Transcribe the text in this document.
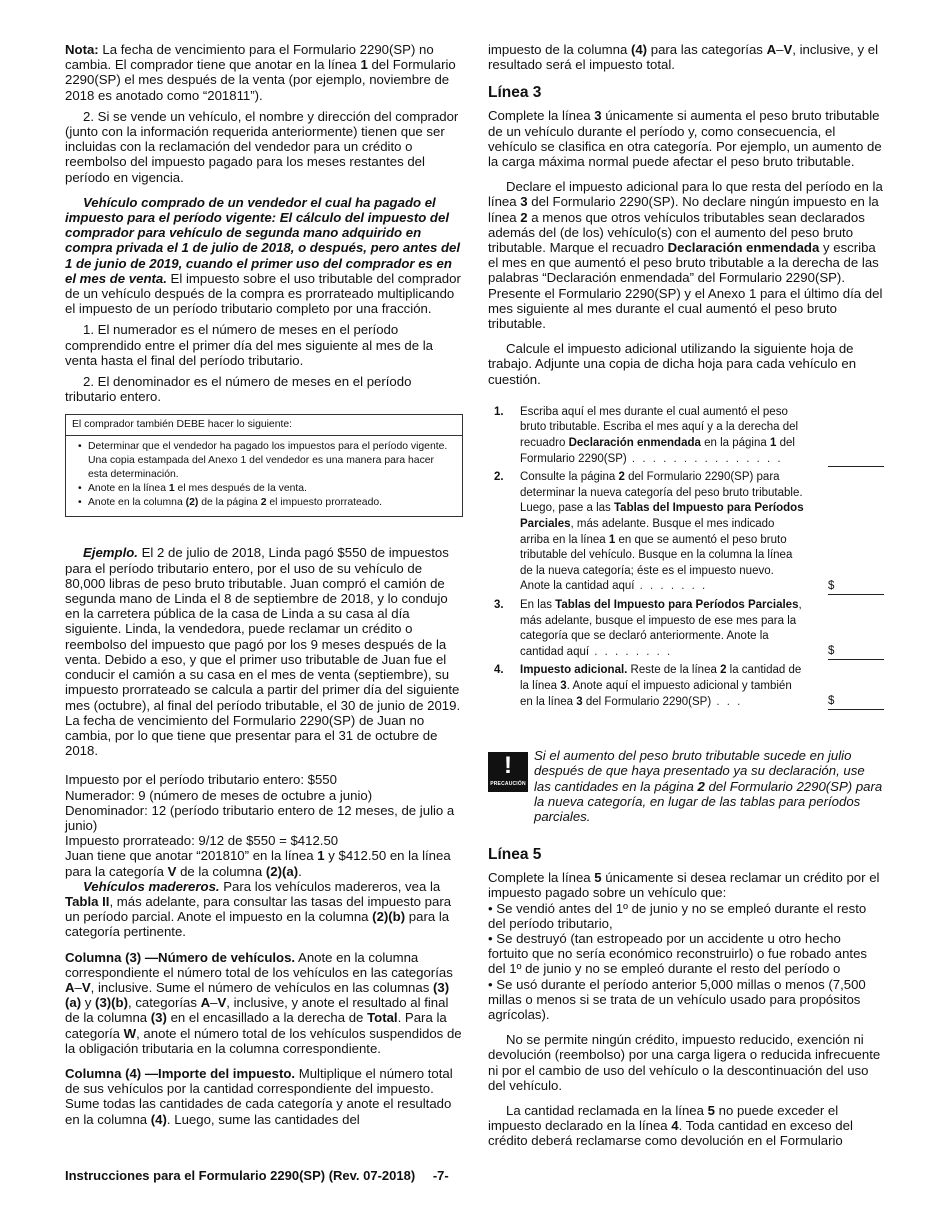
Nota: La fecha de vencimiento para el Formulario 2290(SP) no cambia. El comprador tiene que anotar en la línea 1 del Formulario 2290(SP) el mes después de la venta (por ejemplo, noviembre de 2018 es anotado como “201811”).

2. Si se vende un vehículo, el nombre y dirección del comprador (junto con la información requerida anteriormente) tienen que ser incluidas con la reclamación del vendedor para un crédito o reembolso del impuesto pagado para los meses restantes del período en vigencia.

Vehículo comprado de un vendedor el cual ha pagado el impuesto para el período vigente: El cálculo del impuesto del comprador para vehículo de segunda mano adquirido en compra privada el 1 de julio de 2018, o después, pero antes del 1 de junio de 2019, cuando el primer uso del comprador es en el mes de venta. El impuesto sobre el uso tributable del comprador de un vehículo después de la compra es prorrateado multiplicando el impuesto de un período tributario completo por una fracción.

1. El numerador es el número de meses en el período comprendido entre el primer día del mes siguiente al mes de la venta hasta el final del período tributario.

2. El denominador es el número de meses en el período tributario entero.

El comprador también DEBE hacer lo siguiente:
• Determinar que el vendedor ha pagado los impuestos para el período vigente. Una copia estampada del Anexo 1 del vendedor es una manera para hacer esta determinación.
• Anote en la línea 1 el mes después de la venta.
• Anote en la columna (2) de la página 2 el impuesto prorrateado.

Ejemplo. El 2 de julio de 2018, Linda pagó $550 de impuestos para el período tributario entero, por el uso de su vehículo de 80,000 libras de peso bruto tributable. Juan compró el camión de segunda mano de Linda el 8 de septiembre de 2018, y lo condujo en la carretera pública de la casa de Linda a su casa al día siguiente. Linda, la vendedora, puede reclamar un crédito o reembolso del impuesto que pagó por los 9 meses después de la venta. Debido a eso, y que el primer uso tributable de Juan fue el conducir el camión a su casa en el mes de venta (septiembre), su impuesto prorrateado se calcula a partir del primer día del siguiente mes (octubre), al final del período tributable, el 30 de junio de 2019. La fecha de vencimiento del Formulario 2290(SP) de Juan no cambia, por lo que tiene que presentar para el 31 de octubre de 2018.

Impuesto por el período tributario entero: $550
Numerador: 9 (número de meses de octubre a junio)
Denominador: 12 (período tributario entero de 12 meses, de julio a junio)
Impuesto prorrateado: 9/12 de $550 = $412.50
Juan tiene que anotar “201810” en la línea 1 y $412.50 en la línea para la categoría V de la columna (2)(a).

Vehículos madereros. Para los vehículos madereros, vea la Tabla II, más adelante, para consultar las tasas del impuesto para un período parcial. Anote el impuesto en la columna (2)(b) para la categoría pertinente.

Columna (3) —Número de vehículos. Anote en la columna correspondiente el número total de los vehículos en las categorías A–V, inclusive. Sume el número de vehículos en las columnas (3)(a) y (3)(b), categorías A–V, inclusive, y anote el resultado al final de la columna (3) en el encasillado a la derecha de Total. Para la categoría W, anote el número total de los vehículos suspendidos de la obligación tributaria en la columna correspondiente.

Columna (4) —Importe del impuesto. Multiplique el número total de sus vehículos por la cantidad correspondiente del impuesto. Sume todas las cantidades de cada categoría y anote el resultado en la columna (4). Luego, sume las cantidades del

impuesto de la columna (4) para las categorías A–V, inclusive, y el resultado será el impuesto total.

Línea 3

Complete la línea 3 únicamente si aumenta el peso bruto tributable de un vehículo durante el período y, como consecuencia, el vehículo se clasifica en otra categoría. Por ejemplo, un aumento de la carga máxima normal puede afectar el peso bruto tributable.

Declare el impuesto adicional para lo que resta del período en la línea 3 del Formulario 2290(SP). No declare ningún impuesto en la línea 2 a menos que otros vehículos tributables sean declarados además del (de los) vehículo(s) con el aumento del peso bruto tributable. Marque el recuadro Declaración enmendada y escriba el mes en que aumentó el peso bruto tributable a la derecha de las palabras “Declaración enmendada” del Formulario 2290(SP). Presente el Formulario 2290(SP) y el Anexo 1 para el último día del mes siguiente al mes durante el cual aumentó el peso bruto tributable.

Calcule el impuesto adicional utilizando la siguiente hoja de trabajo. Adjunte una copia de dicha hoja para cada vehículo en cuestión.

1.	Escriba aquí el mes durante el cual aumentó el peso bruto tributable. Escriba el mes aquí y a la derecha del recuadro Declaración enmendada en la página 1 del Formulario 2290(SP) . . . . . . . . . . . . . . .
2.	Consulte la página 2 del Formulario 2290(SP) para determinar la nueva categoría del peso bruto tributable. Luego, pase a las Tablas del Impuesto para Períodos Parciales, más adelante. Busque el mes indicado arriba en la línea 1 en que se aumentó el peso bruto tributable del vehículo. Busque en la columna la línea de la nueva categoría; éste es el impuesto nuevo. Anote la cantidad aquí . . . . . . .	$
3.	En las Tablas del Impuesto para Períodos Parciales, más adelante, busque el impuesto de ese mes para la categoría que se declaró anteriormente. Anote la cantidad aquí . . . . . . . .	$
4.	Impuesto adicional. Reste de la línea 2 la cantidad de la línea 3. Anote aquí el impuesto adicional y también en la línea 3 del Formulario 2290(SP) . . .	$
!
PRECAUCIÓN
Si el aumento del peso bruto tributable sucede en julio después de que haya presentado ya su declaración, use las cantidades en la página 2 del Formulario 2290(SP) para la nueva categoría, en lugar de las tablas para períodos parciales.
Línea 5

Complete la línea 5 únicamente si desea reclamar un crédito por el impuesto pagado sobre un vehículo que:

• Se vendió antes del 1º de junio y no se empleó durante el resto del período tributario,

• Se destruyó (tan estropeado por un accidente u otro hecho fortuito que no sería económico reconstruirlo) o fue robado antes del 1º de junio y no se empleó durante el resto del período o

• Se usó durante el período anterior 5,000 millas o menos (7,500 millas o menos si se trata de un vehículo usado para propósitos agrícolas).

No se permite ningún crédito, impuesto reducido, exención ni devolución (reembolso) por una carga ligera o reducida infrecuente ni por el cambio de uso del vehículo o la descontinuación del uso del vehículo.

La cantidad reclamada en la línea 5 no puede exceder el impuesto declarado en la línea 4. Toda cantidad en exceso del crédito deberá reclamarse como devolución en el Formulario

Instrucciones para el Formulario 2290(SP) (Rev. 07-2018) -7-
